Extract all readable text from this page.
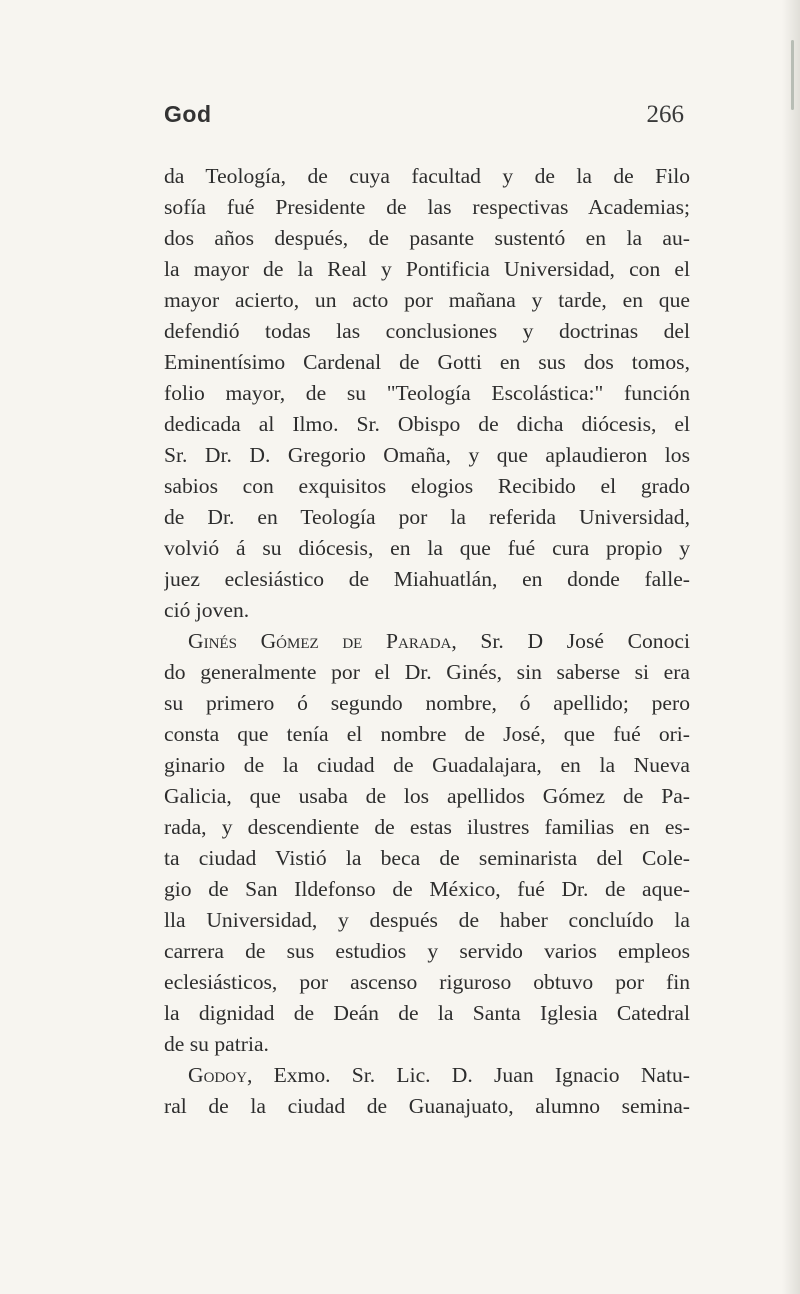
God	266
da Teología, de cuya facultad y de la de Filo
sofía fué Presidente de las respectivas Academias;
dos años después, de pasante sustentó en la au-
la mayor de la Real y Pontificia Universidad, con el
mayor acierto, un acto por mañana y tarde, en que
defendió todas las conclusiones y doctrinas del
Eminentísimo Cardenal de Gotti en sus dos tomos,
folio mayor, de su "Teología Escolástica:" función
dedicada al Ilmo. Sr. Obispo de dicha diócesis, el
Sr. Dr. D. Gregorio Omaña, y que aplaudieron los
sabios con exquisitos elogios Recibido el grado
de Dr. en Teología por la referida Universidad,
volvió á su diócesis, en la que fué cura propio y
juez eclesiástico de Miahuatlán, en donde falle-
ció joven.
Ginés Gómez de Parada, Sr. D José Conoci
do generalmente por el Dr. Ginés, sin saberse si era
su primero ó segundo nombre, ó apellido; pero
consta que tenía el nombre de José, que fué ori-
ginario de la ciudad de Guadalajara, en la Nueva
Galicia, que usaba de los apellidos Gómez de Pa-
rada, y descendiente de estas ilustres familias en es-
ta ciudad Vistió la beca de seminarista del Cole-
gio de San Ildefonso de México, fué Dr. de aque-
lla Universidad, y después de haber concluído la
carrera de sus estudios y servido varios empleos
eclesiásticos, por ascenso riguroso obtuvo por fin
la dignidad de Deán de la Santa Iglesia Catedral
de su patria.
Godoy, Exmo. Sr. Lic. D. Juan Ignacio Natu-
ral de la ciudad de Guanajuato, alumno semina-
